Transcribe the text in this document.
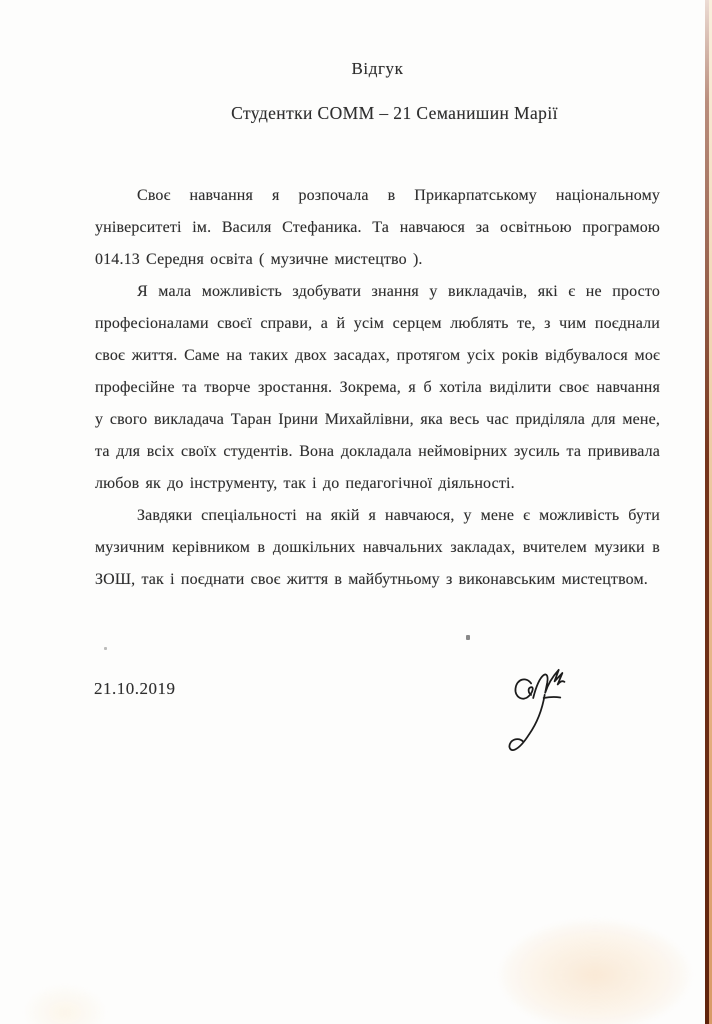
Відгук
Студентки СОММ – 21 Семанишин Марії

Своє навчання я розпочала в Прикарпатському національному університеті ім. Василя Стефаника. Та навчаюся за освітньою програмою 014.13 Середня освіта ( музичне мистецтво ).

Я мала можливість здобувати знання у викладачів, які є не просто професіоналами своєї справи, а й усім серцем люблять те, з чим поєднали своє життя. Саме на таких двох засадах, протягом усіх років відбувалося моє професійне та творче зростання. Зокрема, я б хотіла виділити своє навчання у свого викладача Таран Ірини Михайлівни, яка весь час приділяла для мене, та для всіх своїх студентів. Вона докладала неймовірних зусиль та прививала любов як до інструменту, так і до педагогічної діяльності.

Завдяки спеціальності на якій я навчаюся, у мене є можливість бути музичним керівником в дошкільних навчальних закладах, вчителем музики в ЗОШ, так і поєднати своє життя в майбутньому з виконавським мистецтвом.

21.10.2019
